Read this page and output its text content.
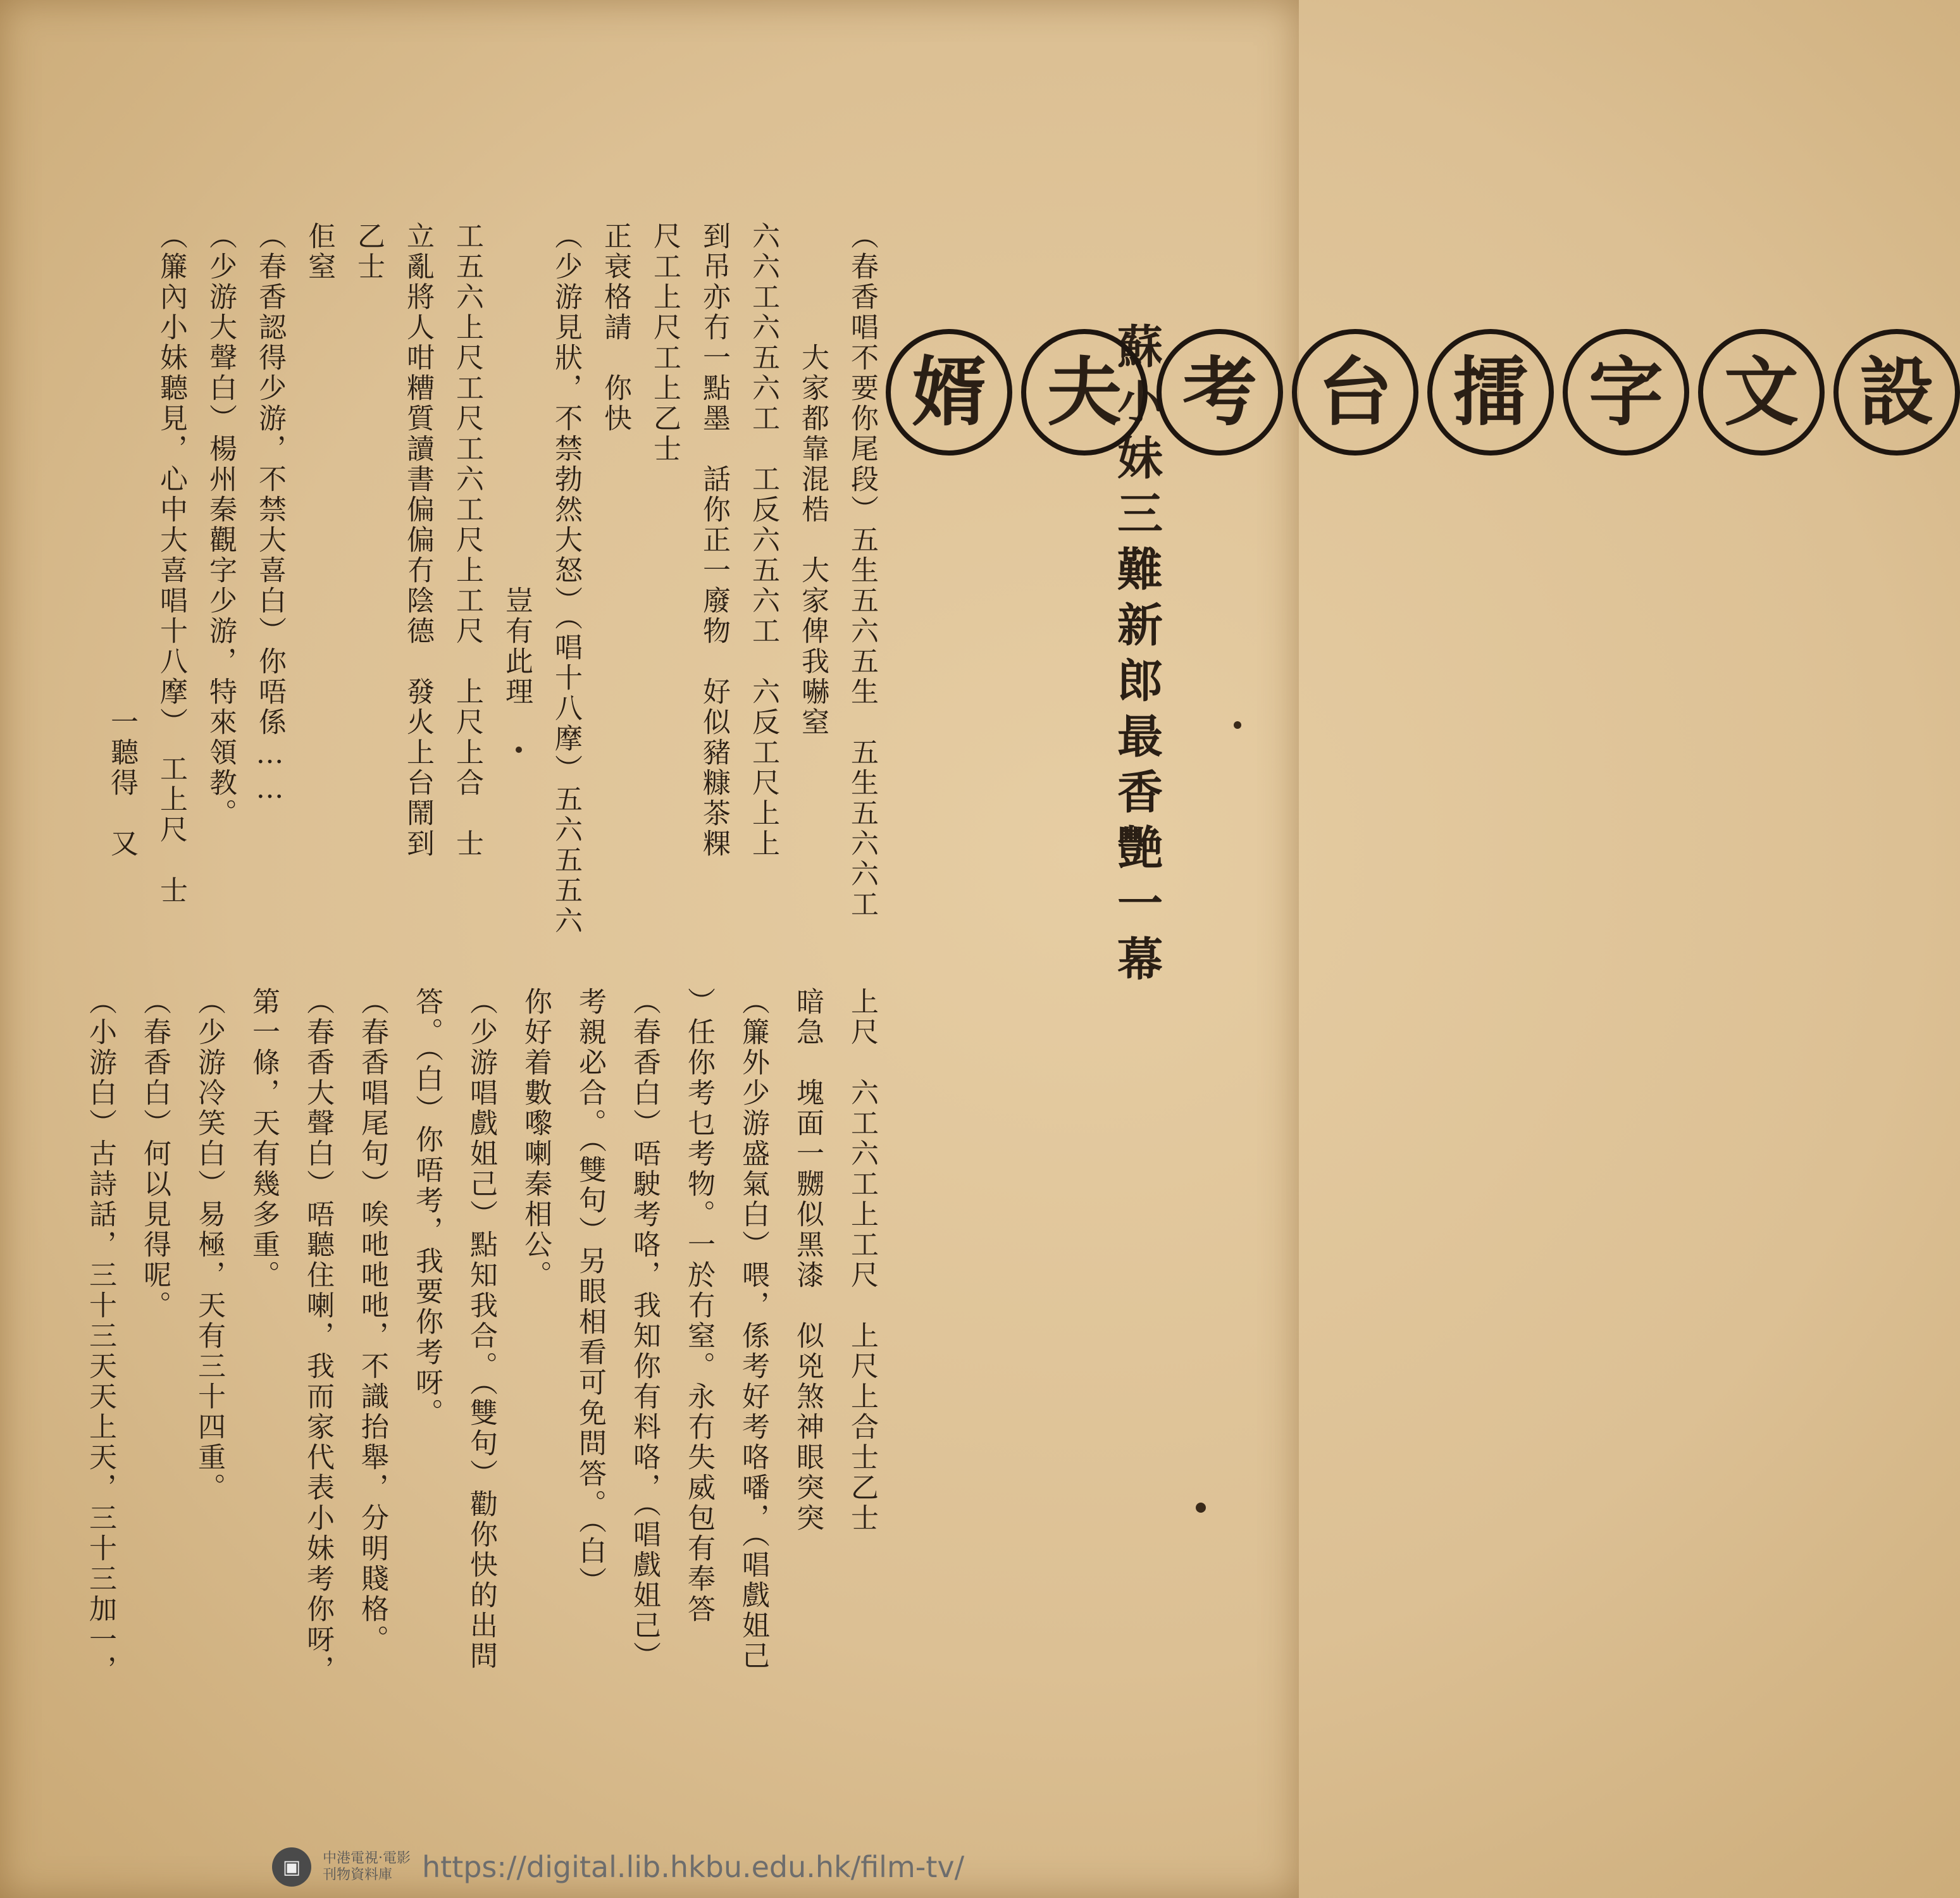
蘇小妹三難新郎最香艷一幕	設
文
字
擂
台
考
夫
婿
（春香唱不要你尾段）五生五六五生　五生五六六工
　　　　大家都靠混梏　大家俾我嚇窒
六六工六五六工　工反六五六工　六反工尺上上
到吊亦冇一點墨　話你正一廢物　好似豬糠茶粿
尺工上尺工上乙士
正衰格請　你快
（少游見狀，不禁勃然大怒）（唱十八摩）五六五五六
　　　　　　　　　　　　豈有此理
工五六上尺工尺工六工尺上工尺　上尺上合　士
立亂將人咁糟質讀書偏偏冇陰德　發火上台鬧到
乙士
佢窒
（春香認得少游，不禁大喜白）你唔係……
（少游大聲白）楊州秦觀字少游，特來領教。
（簾內小妹聽見，心中大喜唱十八摩）　工上尺　士
　　　　　　　　　　　　　　　　一聽得　又
上尺　六工六工上工尺　上尺上合士乙士
暗急　塊面一嬲似黑漆　似兇煞神眼突突
（簾外少游盛氣白）喂，係考好考咯噃，（唱戲姐己
）任你考乜考物。一於冇窒。永冇失威包有奉答
（春香白）唔駛考咯，我知你有料咯，（唱戲姐己）
考親必合。（雙句）另眼相看可免問答。（白）
你好着數嚟喇秦相公。
（少游唱戲姐己）點知我合。（雙句）勸你快的出問
答。（白）你唔考，我要你考呀。
（春香唱尾句）唉吔吔吔，不識抬舉，分明賤格。
（春香大聲白）唔聽住喇，我而家代表小妹考你呀，
第一條，天有幾多重。
（少游冷笑白）易極，天有三十四重。
（春香白）何以見得呢。
（小游白）古詩話，三十三天天上天，三十三加一，
▣	中港電視‧電影
刊物資料庫	https://digital.lib.hkbu.edu.hk/film-tv/
